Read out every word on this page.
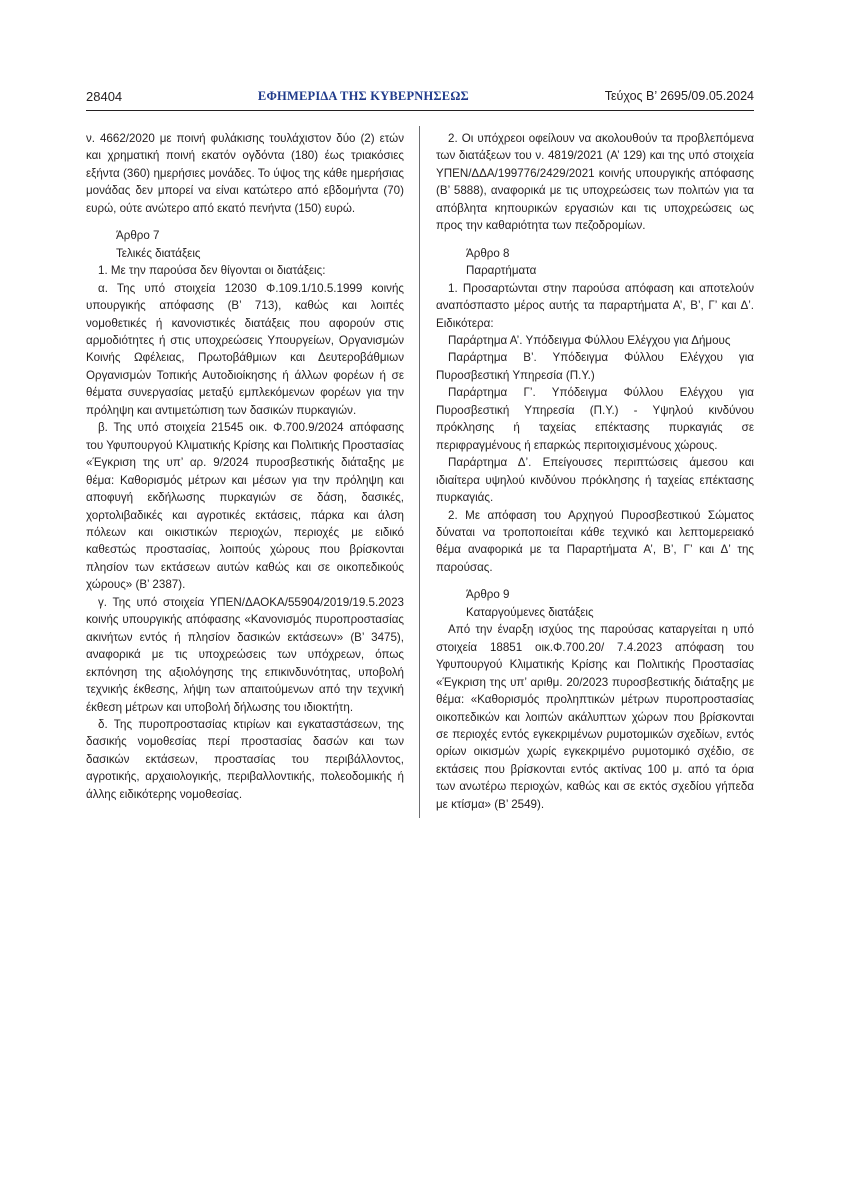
28404	ΕΦΗΜΕΡΙΔΑ ΤΗΣ ΚΥΒΕΡΝΗΣΕΩΣ	Τεύχος B’ 2695/09.05.2024

ν. 4662/2020 με ποινή φυλάκισης τουλάχιστον δύο (2) ετών και χρηματική ποινή εκατόν ογδόντα (180) έως τριακόσιες εξήντα (360) ημερήσιες μονάδες. Το ύψος της κάθε ημερήσιας μονάδας δεν μπορεί να είναι κατώτερο από εβδομήντα (70) ευρώ, ούτε ανώτερο από εκατό πενήντα (150) ευρώ.

Άρθρο 7

Τελικές διατάξεις

1. Με την παρούσα δεν θίγονται οι διατάξεις:

α. Της υπό στοιχεία 12030 Φ.109.1/10.5.1999 κοινής υπουργικής απόφασης (Β’ 713), καθώς και λοιπές νομοθετικές ή κανονιστικές διατάξεις που αφορούν στις αρμοδιότητες ή στις υποχρεώσεις Υπουργείων, Οργανισμών Κοινής Ωφέλειας, Πρωτοβάθμιων και Δευτεροβάθμιων Οργανισμών Τοπικής Αυτοδιοίκησης ή άλλων φορέων ή σε θέματα συνεργασίας μεταξύ εμπλεκόμενων φορέων για την πρόληψη και αντιμετώπιση των δασικών πυρκαγιών.

β. Της υπό στοιχεία 21545 οικ. Φ.700.9/2024 απόφασης του Υφυπουργού Κλιματικής Κρίσης και Πολιτικής Προστασίας «Έγκριση της υπ’ αρ. 9/2024 πυροσβεστικής διάταξης με θέμα: Καθορισμός μέτρων και μέσων για την πρόληψη και αποφυγή εκδήλωσης πυρκαγιών σε δάση, δασικές, χορτολιβαδικές και αγροτικές εκτάσεις, πάρκα και άλση πόλεων και οικιστικών περιοχών, περιοχές με ειδικό καθεστώς προστασίας, λοιπούς χώρους που βρίσκονται πλησίον των εκτάσεων αυτών καθώς και σε οικοπεδικούς χώρους» (Β’ 2387).

γ. Της υπό στοιχεία ΥΠΕΝ/ΔΑΟΚΑ/55904/2019/19.5.2023 κοινής υπουργικής απόφασης «Κανονισμός πυροπροστασίας ακινήτων εντός ή πλησίον δασικών εκτάσεων» (Β’ 3475), αναφορικά με τις υποχρεώσεις των υπόχρεων, όπως εκπόνηση της αξιολόγησης της επικινδυνότητας, υποβολή τεχνικής έκθεσης, λήψη των απαιτούμενων από την τεχνική έκθεση μέτρων και υποβολή δήλωσης του ιδιοκτήτη.

δ. Της πυροπροστασίας κτιρίων και εγκαταστάσεων, της δασικής νομοθεσίας περί προστασίας δασών και των δασικών εκτάσεων, προστασίας του περιβάλλοντος, αγροτικής, αρχαιολογικής, περιβαλλοντικής, πολεοδομικής ή άλλης ειδικότερης νομοθεσίας.

2. Οι υπόχρεοι οφείλουν να ακολουθούν τα προβλεπόμενα των διατάξεων του ν. 4819/2021 (Α’ 129) και της υπό στοιχεία ΥΠΕΝ/ΔΔΑ/199776/2429/2021 κοινής υπουργικής απόφασης (Β’ 5888), αναφορικά με τις υποχρεώσεις των πολιτών για τα απόβλητα κηπουρικών εργασιών και τις υποχρεώσεις ως προς την καθαριότητα των πεζοδρομίων.

Άρθρο 8

Παραρτήματα

1. Προσαρτώνται στην παρούσα απόφαση και αποτελούν αναπόσπαστο μέρος αυτής τα παραρτήματα Α’, Β’, Γ’ και Δ’. Ειδικότερα:

Παράρτημα Α’. Υπόδειγμα Φύλλου Ελέγχου για Δήμους

Παράρτημα Β’. Υπόδειγμα Φύλλου Ελέγχου για Πυροσβεστική Υπηρεσία (Π.Υ.)

Παράρτημα Γ’. Υπόδειγμα Φύλλου Ελέγχου για Πυροσβεστική Υπηρεσία (Π.Υ.) - Υψηλού κινδύνου πρόκλησης ή ταχείας επέκτασης πυρκαγιάς σε περιφραγμένους ή επαρκώς περιτοιχισμένους χώρους.

Παράρτημα Δ’. Επείγουσες περιπτώσεις άμεσου και ιδιαίτερα υψηλού κινδύνου πρόκλησης ή ταχείας επέκτασης πυρκαγιάς.

2. Με απόφαση του Αρχηγού Πυροσβεστικού Σώματος δύναται να τροποποιείται κάθε τεχνικό και λεπτομερειακό θέμα αναφορικά με τα Παραρτήματα Α’, Β’, Γ’ και Δ’ της παρούσας.

Άρθρο 9

Καταργούμενες διατάξεις

Από την έναρξη ισχύος της παρούσας καταργείται η υπό στοιχεία 18851 οικ.Φ.700.20/ 7.4.2023 απόφαση του Υφυπουργού Κλιματικής Κρίσης και Πολιτικής Προστασίας «Έγκριση της υπ’ αριθμ. 20/2023 πυροσβεστικής διάταξης με θέμα: «Καθορισμός προληπτικών μέτρων πυροπροστασίας οικοπεδικών και λοιπών ακάλυπτων χώρων που βρίσκονται σε περιοχές εντός εγκεκριμένων ρυμοτομικών σχεδίων, εντός ορίων οικισμών χωρίς εγκεκριμένο ρυμοτομικό σχέδιο, σε εκτάσεις που βρίσκονται εντός ακτίνας 100 μ. από τα όρια των ανωτέρω περιοχών, καθώς και σε εκτός σχεδίου γήπεδα με κτίσμα» (Β’ 2549).
